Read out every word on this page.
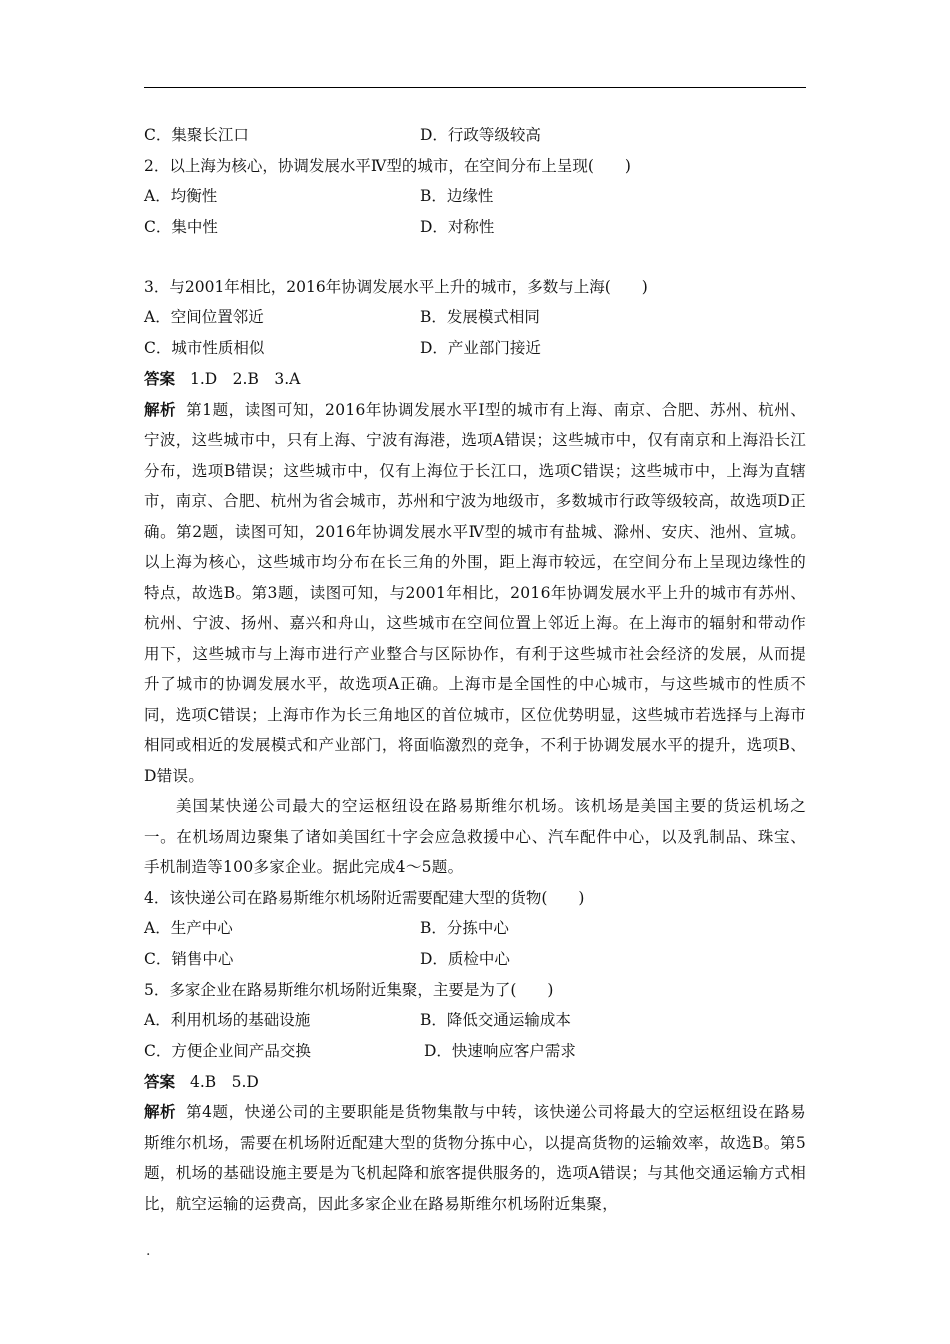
C．集聚长江口	D．行政等级较高
2．以上海为核心，协调发展水平Ⅳ型的城市，在空间分布上呈现(　　)
A．均衡性	B．边缘性
C．集中性	D．对称性
3．与2001年相比，2016年协调发展水平上升的城市，多数与上海(　　)
A．空间位置邻近	B．发展模式相同
C．城市性质相似	D．产业部门接近
答案 1.D　2.B　3.A
解析 第1题，读图可知，2016年协调发展水平Ⅰ型的城市有上海、南京、合肥、苏州、杭州、宁波，这些城市中，只有上海、宁波有海港，选项A错误；这些城市中，仅有南京和上海沿长江分布，选项B错误；这些城市中，仅有上海位于长江口，选项C错误；这些城市中，上海为直辖市，南京、合肥、杭州为省会城市，苏州和宁波为地级市，多数城市行政等级较高，故选项D正确。第2题，读图可知，2016年协调发展水平Ⅳ型的城市有盐城、滁州、安庆、池州、宣城。以上海为核心，这些城市均分布在长三角的外围，距上海市较远，在空间分布上呈现边缘性的特点，故选B。第3题，读图可知，与2001年相比，2016年协调发展水平上升的城市有苏州、杭州、宁波、扬州、嘉兴和舟山，这些城市在空间位置上邻近上海。在上海市的辐射和带动作用下，这些城市与上海市进行产业整合与区际协作，有利于这些城市社会经济的发展，从而提升了城市的协调发展水平，故选项A正确。上海市是全国性的中心城市，与这些城市的性质不同，选项C错误；上海市作为长三角地区的首位城市，区位优势明显，这些城市若选择与上海市相同或相近的发展模式和产业部门，将面临激烈的竞争，不利于协调发展水平的提升，选项B、D错误。
美国某快递公司最大的空运枢纽设在路易斯维尔机场。该机场是美国主要的货运机场之一。在机场周边聚集了诸如美国红十字会应急救援中心、汽车配件中心，以及乳制品、珠宝、手机制造等100多家企业。据此完成4～5题。
4．该快递公司在路易斯维尔机场附近需要配建大型的货物(　　)
A．生产中心	B．分拣中心
C．销售中心	D．质检中心
5．多家企业在路易斯维尔机场附近集聚，主要是为了(　　)
A．利用机场的基础设施	B．降低交通运输成本
C．方便企业间产品交换	D．快速响应客户需求
答案 4.B　5.D
解析 第4题，快递公司的主要职能是货物集散与中转，该快递公司将最大的空运枢纽设在路易斯维尔机场，需要在机场附近配建大型的货物分拣中心，以提高货物的运输效率，故选B。第5题，机场的基础设施主要是为飞机起降和旅客提供服务的，选项A错误；与其他交通运输方式相比，航空运输的运费高，因此多家企业在路易斯维尔机场附近集聚，
.
